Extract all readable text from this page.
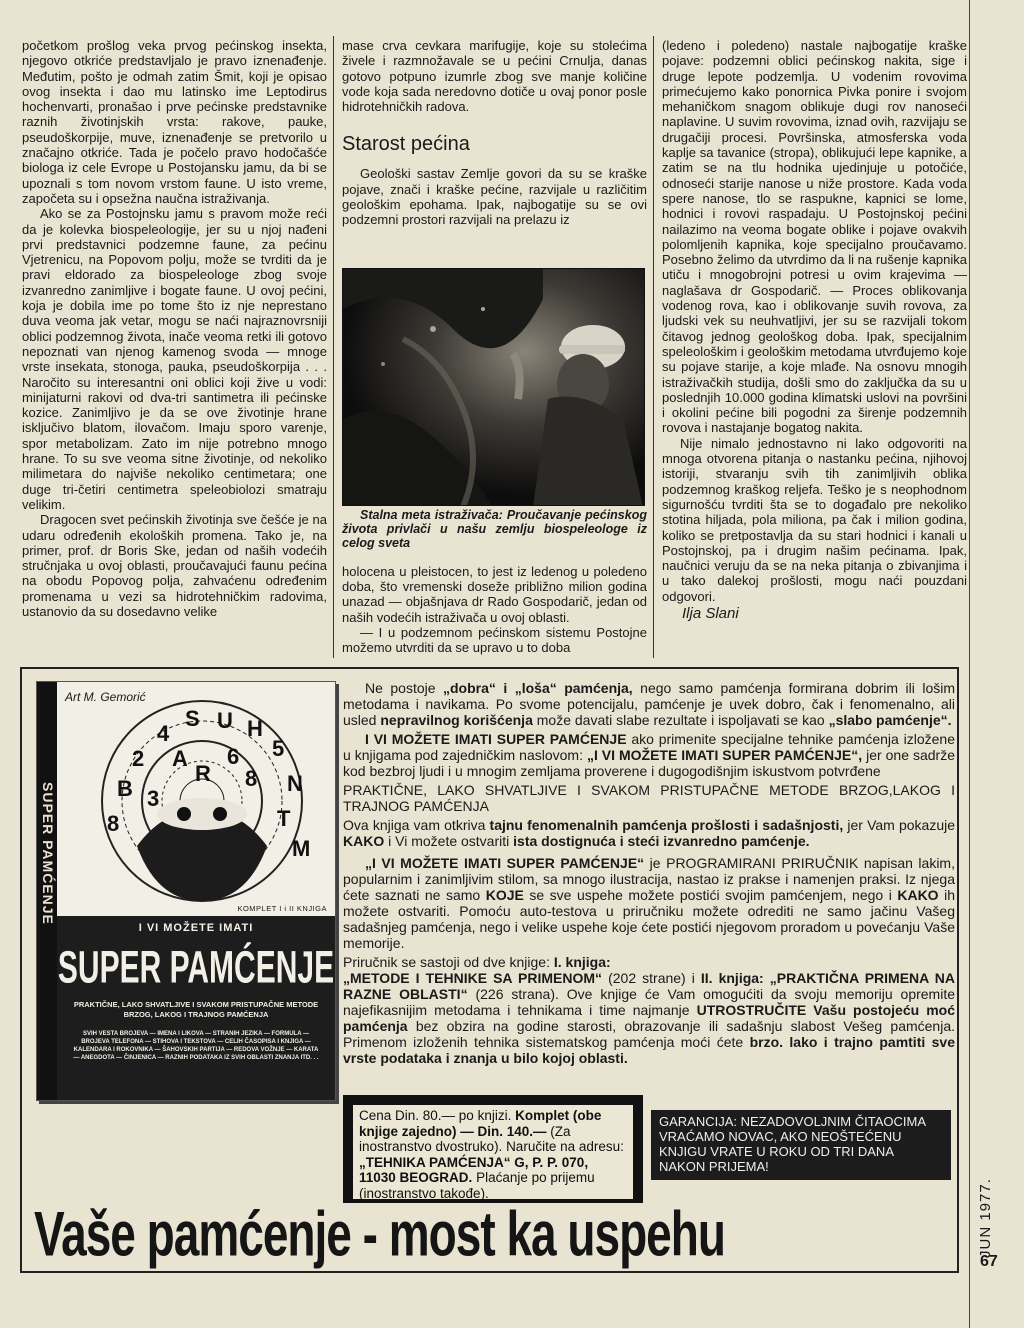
početkom prošlog veka prvog pećinskog insekta, njegovo otkriće predstavljalo je pravo iznenađenje. Međutim, pošto je odmah zatim Šmit, koji je opisao ovog insekta i dao mu latinsko ime Leptodirus hochenvarti, pronašao i prve pećinske predstavnike raznih životinjskih vrsta: rakove, pauke, pseudoškorpije, muve, iznenađenje se pretvorilo u značajno otkriće. Tada je počelo pravo hodočašće biologa iz cele Evrope u Postojansku jamu, da bi se upoznali s tom novom vrstom faune. U isto vreme, započeta su i opsežna naučna istraživanja.

Ako se za Postojnsku jamu s pravom može reći da je kolevka biospeleologije, jer su u njoj nađeni prvi predstavnici podzemne faune, za pećinu Vjetrenicu, na Popovom polju, može se tvrditi da je pravi eldorado za biospeleologe zbog svoje izvanredno zanimljive i bogate faune. U ovoj pećini, koja je dobila ime po tome što iz nje neprestano duva veoma jak vetar, mogu se naći najraznovrsniji oblici podzemnog života, inače veoma retki ili gotovo nepoznati van njenog kamenog svoda — mnoge vrste insekata, stonoga, pauka, pseudoškorpija . . . Naročito su interesantni oni oblici koji žive u vodi: minijaturni rakovi od dva-tri santimetra ili pećinske kozice. Zanimljivo je da se ove životinje hrane isključivo blatom, ilovačom. Imaju sporo varenje, spor metabolizam. Zato im nije potrebno mnogo hrane. To su sve veoma sitne životinje, od nekoliko milimetara do najviše nekoliko centimetara; one duge tri-četiri centimetra speleobiolozi smatraju velikim.

Dragocen svet pećinskih životinja sve češće je na udaru određenih ekoloških promena. Tako je, na primer, prof. dr Boris Ske, jedan od naših vodećih stručnjaka u ovoj oblasti, proučavajući faunu pećina na obodu Popovog polja, zahvaćenu određenim promenama u vezi sa hidrotehničkim radovima, ustanovio da su dosedavno velike

mase crva cevkara marifugije, koje su stolećima živele i razmnožavale se u pećini Crnulja, danas gotovo potpuno izumrle zbog sve manje količine vode koja sada neredovno dotiče u ovaj ponor posle hidrotehničkih radova.

Starost pećina

Geološki sastav Zemlje govori da su se kraške pojave, znači i kraške pećine, razvijale u različitim geološkim epohama. Ipak, najbogatije su se ovi podzemni prostori razvijali na prelazu iz

Stalna meta istraživača: Proučavanje pećinskog života privlači u našu zemlju biospeleologe iz celog sveta

holocena u pleistocen, to jest iz ledenog u poledeno doba, što vremenski doseže približno milion godina unazad — objašnjava dr Rado Gospodarič, jedan od naših vodećih istraživača u ovoj oblasti.

— I u podzemnom pećinskom sistemu Postojne možemo utvrditi da se upravo u to doba

(ledeno i poledeno) nastale najbogatije kraške pojave: podzemni oblici pećinskog nakita, sige i druge lepote podzemlja. U vodenim rovovima primećujemo kako ponornica Pivka ponire i svojom mehaničkom snagom oblikuje dugi rov nanoseći naplavine. U suvim rovovima, iznad ovih, razvijaju se drugačiji procesi. Površinska, atmosferska voda kaplje sa tavanice (stropa), oblikujući lepe kapnike, a zatim se na tlu hodnika ujedinjuje u potočiće, odnoseći starije nanose u niže prostore. Kada voda spere nanose, tlo se raspukne, kapnici se lome, hodnici i rovovi raspadaju. U Postojnskoj pećini nailazimo na veoma bogate oblike i pojave ovakvih polomljenih kapnika, koje specijalno proučavamo. Posebno želimo da utvrdimo da li na rušenje kapnika utiču i mnogobrojni potresi u ovim krajevima — naglašava dr Gospodarič. — Proces oblikovanja vodenog rova, kao i oblikovanje suvih rovova, za ljudski vek su neuhvatljivi, jer su se razvijali tokom čitavog jednog geološkog doba. Ipak, specijalnim speleološkim i geološkim metodama utvrđujemo koje su pojave starije, a koje mlađe. Na osnovu mnogih istraživačkih studija, došli smo do zaključka da su u poslednjih 10.000 godina klimatski uslovi na površini i okolini pećine bili pogodni za širenje podzemnih rovova i nastajanje bogatog nakita.

Nije nimalo jednostavno ni lako odgovoriti na mnoga otvorena pitanja o nastanku pećina, njihovoj istoriji, stvaranju svih tih zanimljivih oblika podzemnog kraškog reljefa. Teško je s neophodnom sigurnošću tvrditi šta se to događalo pre nekoliko stotina hiljada, pola miliona, pa čak i milion godina, koliko se pretpostavlja da su stari hodnici i kanali u Postojnskoj, pa i drugim našim pećinama. Ipak, naučnici veruju da se na neka pitanja o zbivanjima i u tako dalekoj prošlosti, mogu naći pouzdani odgovori.

Ilja Slani

JUN 1977.
67
SUPER PAMĆENJE
Art M. Gemorić
S U H
4
5
2 A 6
N
B
R 8
3
T
8
M
KOMPLET I i II KNJIGA
I VI MOŽETE IMATI
SUPER PAMĆENJE
PRAKTIČNE, LAKO SHVATLJIVE I SVAKOM PRISTUPAČNE METODE BRZOG, LAKOG I TRAJNOG PAMĆENJA
SVIH VESTA BROJEVA — IMENA I LIKOVA — STRANIH JEZIKA — FORMULA — BROJEVA TELEFONA — STIHOVA I TEKSTOVA — CELIH ČASOPISA I KNJIGA — KALENDARA I ROKOVNIKA — ŠAHOVSKIH PARTIJA — REDOVA VOŽNJE — KARATA — ANEGDOTA — ČINJENICA — RAZNIH PODATAKA IZ SVIH OBLASTI ZNANJA ITD. . .

Ne postoje „dobra“ i „loša“ pamćenja, nego samo pamćenja formirana dobrim ili lošim metodama i navikama. Po svome potencijalu, pamćenje je uvek dobro, čak i fenomenalno, ali usled nepravilnog korišćenja može davati slabe rezultate i ispoljavati se kao „slabo pamćenje“.

I VI MOŽETE IMATI SUPER PAMĆENJE ako primenite specijalne tehnike pamćenja izložene u knjigama pod zajedničkim naslovom: „I VI MOŽETE IMATI SUPER PAMĆENJE“, jer one sadrže kod bezbroj ljudi i u mnogim zemljama proverene i dugogodišnjim iskustvom potvrđene

PRAKTIČNE, LAKO SHVATLJIVE I SVAKOM PRISTUPAČNE METODE BRZOG,LAKOG I TRAJNOG PAMĆENJA

Ova knjiga vam otkriva tajnu fenomenalnih pamćenja prošlosti i sadašnjosti, jer Vam pokazuje KAKO i Vi možete ostvariti ista dostignuća i steći izvanredno pamćenje.

„I VI MOŽETE IMATI SUPER PAMĆENJE“ je PROGRAMIRANI PRIRUČNIK napisan lakim, popularnim i zanimljivim stilom, sa mnogo ilustracija, nastao iz prakse i namenjen praksi. Iz njega ćete saznati ne samo KOJE se sve uspehe možete postići svojim pamćenjem, nego i KAKO ih možete ostvariti. Pomoću auto-testova u priručniku možete odrediti ne samo jačinu Vašeg sadašnjeg pamćenja, nego i velike uspehe koje ćete postići njegovom proradom u povećanju Vaše memorije.

Priručnik se sastoji od dve knjige: I. knjiga:
„METODE I TEHNIKE SA PRIMENOM“ (202 strane) i II. knjiga: „PRAKTIČNA PRIMENA NA RAZNE OBLASTI“ (226 strana). Ove knjige će Vam omogućiti da svoju memoriju opremite najefikasnijim metodama i tehnikama i time najmanje UTROSTRUČITE Vašu postojeću moć pamćenja bez obzira na godine starosti, obrazovanje ili sadašnju slabost Vešeg pamćenja. Primenom izloženih tehnika sistematskog pamćenja moći ćete brzo. lako i trajno pamtiti sve vrste podataka i znanja u bilo kojoj oblasti.

Cena Din. 80.— po knjizi. Komplet (obe knjige zajedno) — Din. 140.— (Za inostranstvo dvostruko). Naručite na adresu: „TEHNIKA PAMĆENJA“ G, P. P. 070, 11030 BEOGRAD. Plaćanje po prijemu (inostranstvo takođe).
GARANCIJA: NEZADOVOLJNIM ČITAOCIMA VRAĆAMO NOVAC, AKO NEOŠTEĆENU KNJIGU VRATE U ROKU OD TRI DANA NAKON PRIJEMA!
Vaše pamćenje - most ka uspehu
